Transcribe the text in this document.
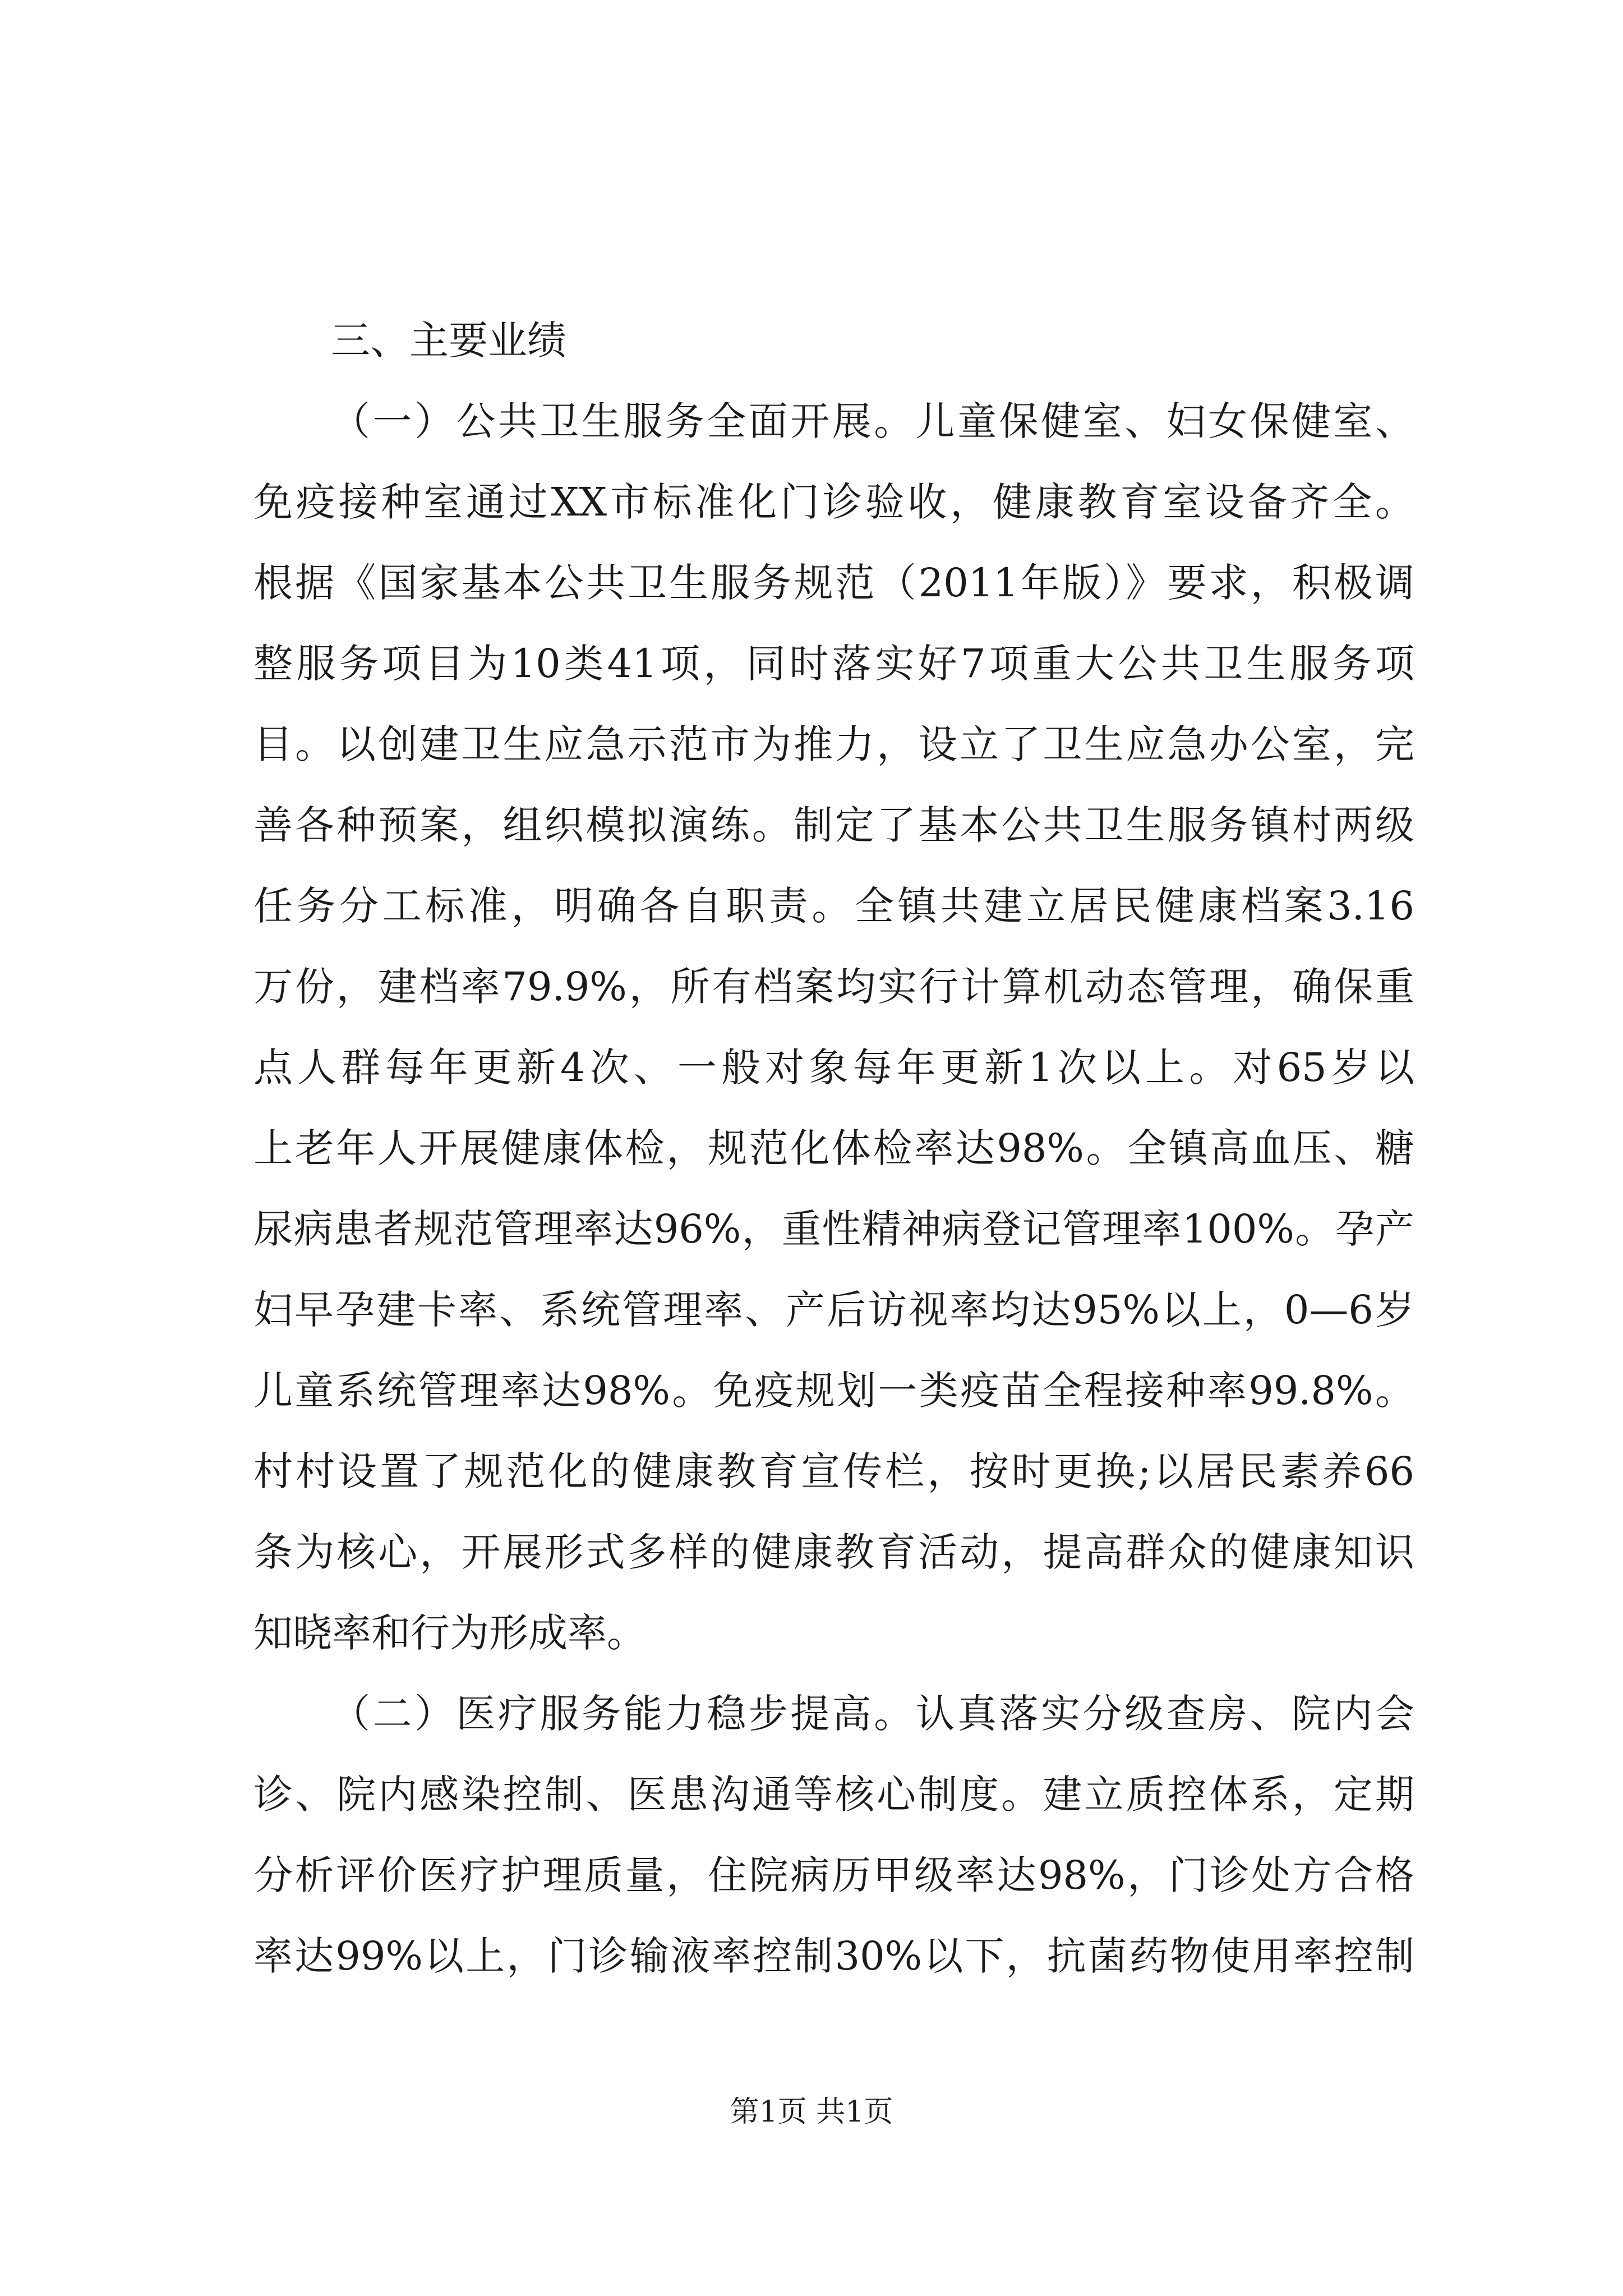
三、主要业绩
（一）公共卫生服务全面开展。儿童保健室、妇女保健室、
免疫接种室通过XX市标准化门诊验收，健康教育室设备齐全。
根据《国家基本公共卫生服务规范（2011年版）》要求，积极调
整服务项目为10类41项，同时落实好7项重大公共卫生服务项
目。以创建卫生应急示范市为推力，设立了卫生应急办公室，完
善各种预案，组织模拟演练。制定了基本公共卫生服务镇村两级
任务分工标准，明确各自职责。全镇共建立居民健康档案3.16
万份，建档率79.9%，所有档案均实行计算机动态管理，确保重
点人群每年更新4次、一般对象每年更新1次以上。对65岁以
上老年人开展健康体检，规范化体检率达98%。全镇高血压、糖
尿病患者规范管理率达96%，重性精神病登记管理率100%。孕产
妇早孕建卡率、系统管理率、产后访视率均达95%以上，0—6岁
儿童系统管理率达98%。免疫规划一类疫苗全程接种率99.8%。
村村设置了规范化的健康教育宣传栏，按时更换;以居民素养66
条为核心，开展形式多样的健康教育活动，提高群众的健康知识
知晓率和行为形成率。
（二）医疗服务能力稳步提高。认真落实分级查房、院内会
诊、院内感染控制、医患沟通等核心制度。建立质控体系，定期
分析评价医疗护理质量，住院病历甲级率达98%，门诊处方合格
率达99%以上，门诊输液率控制30%以下，抗菌药物使用率控制
第1页 共1页
